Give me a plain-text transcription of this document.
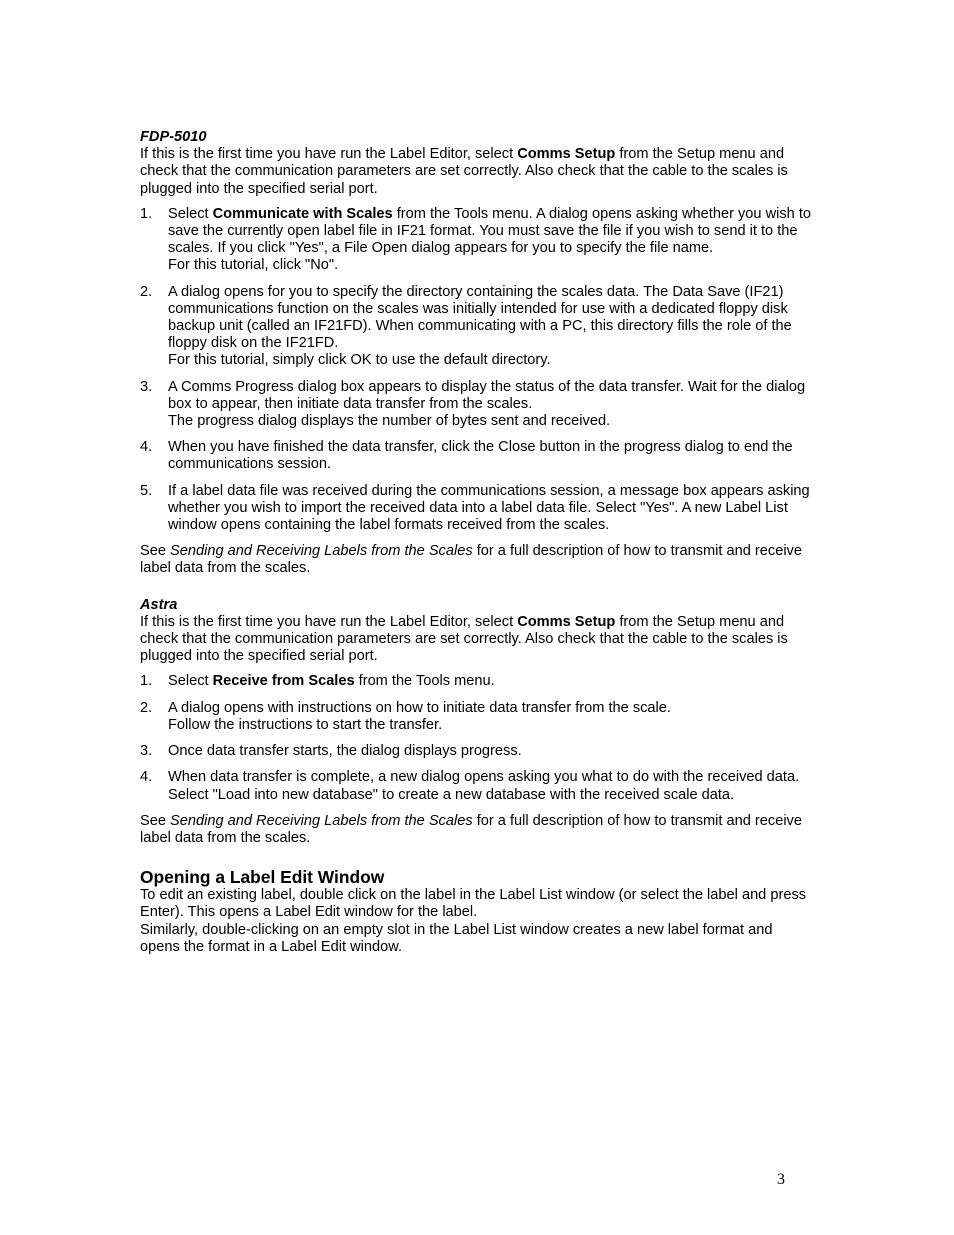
FDP-5010

If this is the first time you have run the Label Editor, select Comms Setup from the Setup menu and check that the communication parameters are set correctly. Also check that the cable to the scales is plugged into the specified serial port.

1. Select Communicate with Scales from the Tools menu. A dialog opens asking whether you wish to save the currently open label file in IF21 format. You must save the file if you wish to send it to the scales. If you click "Yes", a File Open dialog appears for you to specify the file name.
For this tutorial, click "No".
2. A dialog opens for you to specify the directory containing the scales data. The Data Save (IF21) communications function on the scales was initially intended for use with a dedicated floppy disk backup unit (called an IF21FD). When communicating with a PC, this directory fills the role of the floppy disk on the IF21FD.
For this tutorial, simply click OK to use the default directory.
3. A Comms Progress dialog box appears to display the status of the data transfer. Wait for the dialog box to appear, then initiate data transfer from the scales.
The progress dialog displays the number of bytes sent and received.
4. When you have finished the data transfer, click the Close button in the progress dialog to end the communications session.
5. If a label data file was received during the communications session, a message box appears asking whether you wish to import the received data into a label data file. Select "Yes". A new Label List window opens containing the label formats received from the scales.

See Sending and Receiving Labels from the Scales for a full description of how to transmit and receive label data from the scales.

Astra

If this is the first time you have run the Label Editor, select Comms Setup from the Setup menu and check that the communication parameters are set correctly. Also check that the cable to the scales is plugged into the specified serial port.

1. Select Receive from Scales from the Tools menu.
2. A dialog opens with instructions on how to initiate data transfer from the scale.
Follow the instructions to start the transfer.
3. Once data transfer starts, the dialog displays progress.
4. When data transfer is complete, a new dialog opens asking you what to do with the received data. Select "Load into new database" to create a new database with the received scale data.

See Sending and Receiving Labels from the Scales for a full description of how to transmit and receive label data from the scales.

Opening a Label Edit Window

To edit an existing label, double click on the label in the Label List window (or select the label and press Enter). This opens a Label Edit window for the label.

Similarly, double-clicking on an empty slot in the Label List window creates a new label format and opens the format in a Label Edit window.

3
